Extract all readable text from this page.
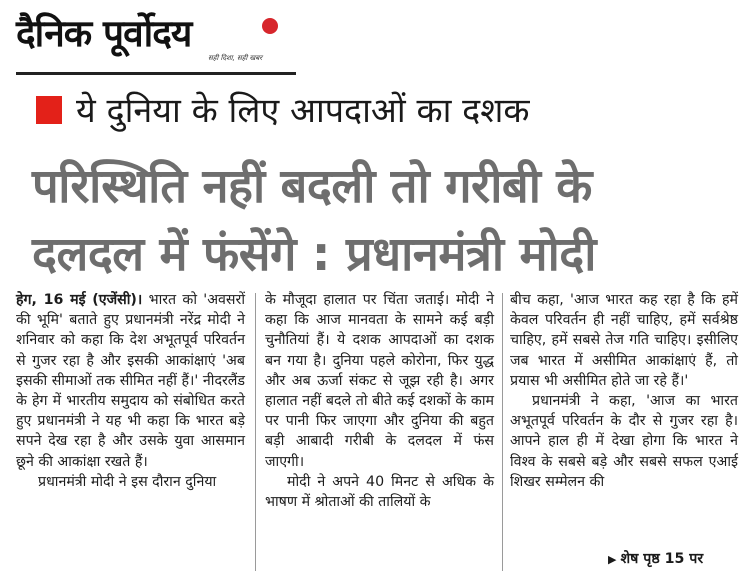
दैनिक पूर्वोदय
सही दिशा, सही खबर
ये दुनिया के लिए आपदाओं का दशक
परिस्थिति नहीं बदली तो गरीबी के
दलदल में फंसेंगे : प्रधानमंत्री मोदी

हेग, 16 मई (एजेंसी)। भारत को 'अवसरों की भूमि' बताते हुए प्रधानमंत्री नरेंद्र मोदी ने शनिवार को कहा कि देश अभूतपूर्व परिवर्तन से गुजर रहा है और इसकी आकांक्षाएं 'अब इसकी सीमाओं तक सीमित नहीं हैं।' नीदरलैंड के हेग में भारतीय समुदाय को संबोधित करते हुए प्रधानमंत्री ने यह भी कहा कि भारत बड़े सपने देख रहा है और उसके युवा आसमान छूने की आकांक्षा रखते हैं।

प्रधानमंत्री मोदी ने इस दौरान दुनिया

के मौजूदा हालात पर चिंता जताई। मोदी ने कहा कि आज मानवता के सामने कई बड़ी चुनौतियां हैं। ये दशक आपदाओं का दशक बन गया है। दुनिया पहले कोरोना, फिर युद्ध और अब ऊर्जा संकट से जूझ रही है। अगर हालात नहीं बदले तो बीते कई दशकों के काम पर पानी फिर जाएगा और दुनिया की बहुत बड़ी आबादी गरीबी के दलदल में फंस जाएगी।

मोदी ने अपने 40 मिनट से अधिक के भाषण में श्रोताओं की तालियों के

बीच कहा, 'आज भारत कह रहा है कि हमें केवल परिवर्तन ही नहीं चाहिए, हमें सर्वश्रेष्ठ चाहिए, हमें सबसे तेज गति चाहिए। इसीलिए जब भारत में असीमित आकांक्षाएं हैं, तो प्रयास भी असीमित होते जा रहे हैं।'

प्रधानमंत्री ने कहा, 'आज का भारत अभूतपूर्व परिवर्तन के दौर से गुजर रहा है। आपने हाल ही में देखा होगा कि भारत ने विश्व के सबसे बड़े और सबसे सफल एआई शिखर सम्मेलन की

▶ शेष पृष्ठ 15 पर
